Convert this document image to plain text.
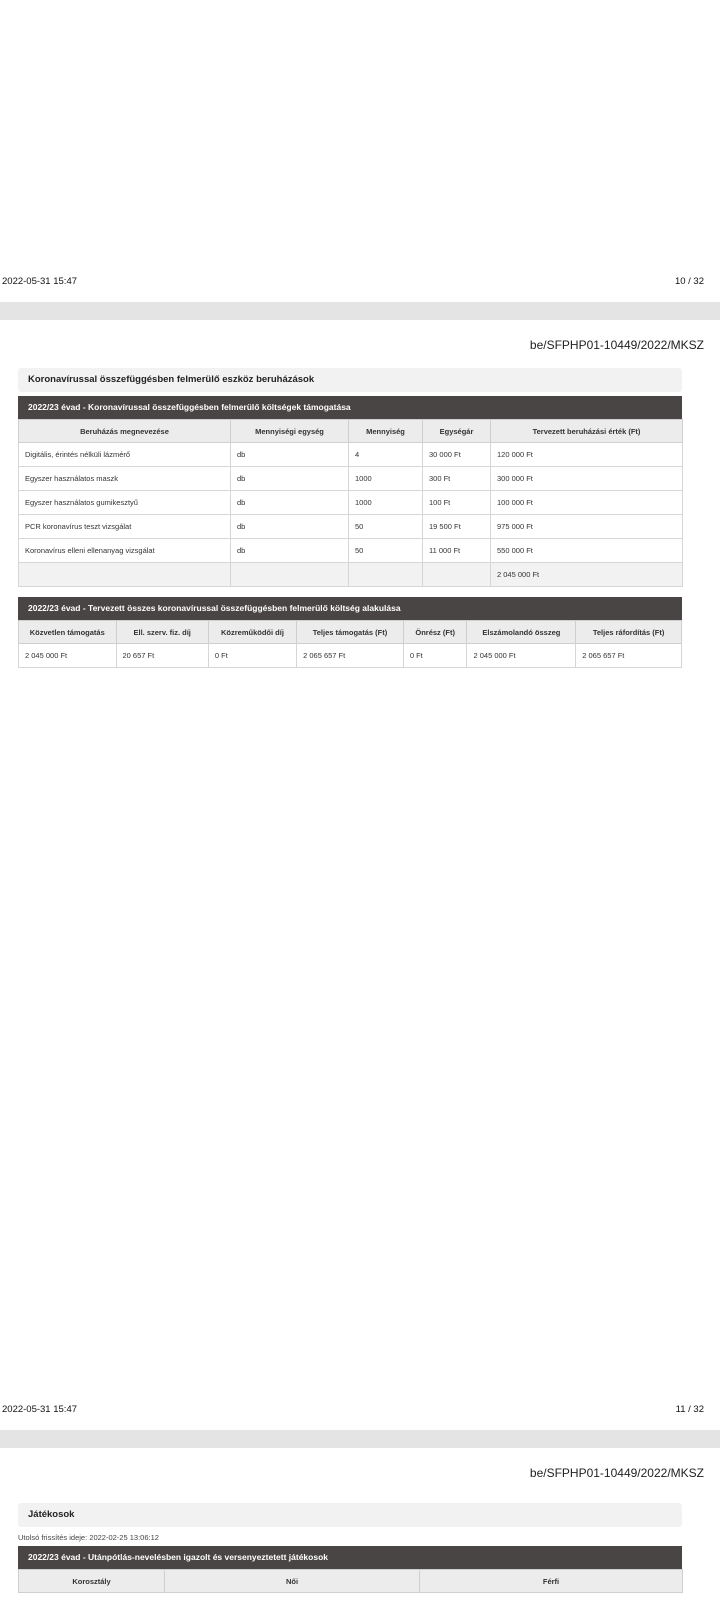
2022-05-31 15:47	10 / 32
be/SFPHP01-10449/2022/MKSZ
Koronavírussal összefüggésben felmerülő eszköz beruházások
2022/23 évad - Koronavírussal összefüggésben felmerülő költségek támogatása
Beruházás megnevezése	Mennyiségi egység	Mennyiség	Egységár	Tervezett beruházási érték (Ft)
Digitális, érintés nélküli lázmérő	db	4	30 000 Ft	120 000 Ft
Egyszer használatos maszk	db	1000	300 Ft	300 000 Ft
Egyszer használatos gumikesztyű	db	1000	100 Ft	100 000 Ft
PCR koronavírus teszt vizsgálat	db	50	19 500 Ft	975 000 Ft
Koronavírus elleni ellenanyag vizsgálat	db	50	11 000 Ft	550 000 Ft
				2 045 000 Ft
2022/23 évad - Tervezett összes koronavírussal összefüggésben felmerülő költség alakulása
Közvetlen támogatás	Ell. szerv. fiz. díj	Közreműködői díj	Teljes támogatás (Ft)	Önrész (Ft)	Elszámolandó összeg	Teljes ráfordítás (Ft)
2 045 000 Ft	20 657 Ft	0 Ft	2 065 657 Ft	0 Ft	2 045 000 Ft	2 065 657 Ft
2022-05-31 15:47	11 / 32
be/SFPHP01-10449/2022/MKSZ
Játékosok
Utolsó frissítés ideje: 2022-02-25 13:06:12
2022/23 évad - Utánpótlás-nevelésben igazolt és versenyeztetett játékosok
Korosztály	Női	Férfi
